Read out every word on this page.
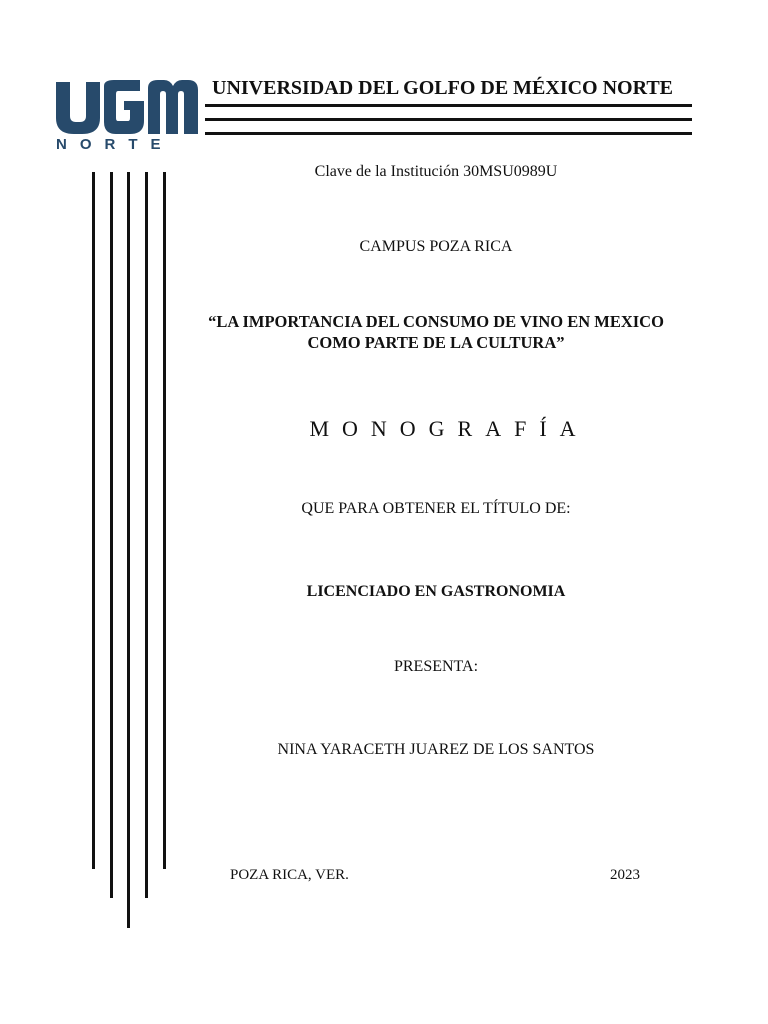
NORTE
UNIVERSIDAD DEL GOLFO DE MÉXICO NORTE
Clave de la Institución 30MSU0989U
CAMPUS POZA RICA
“LA IMPORTANCIA DEL CONSUMO DE VINO EN MEXICO
COMO PARTE DE LA CULTURA”
MONOGRAFÍA
QUE PARA OBTENER EL TÍTULO DE:
LICENCIADO EN GASTRONOMIA
PRESENTA:
NINA YARACETH JUAREZ DE LOS SANTOS
POZA RICA, VER.	2023
